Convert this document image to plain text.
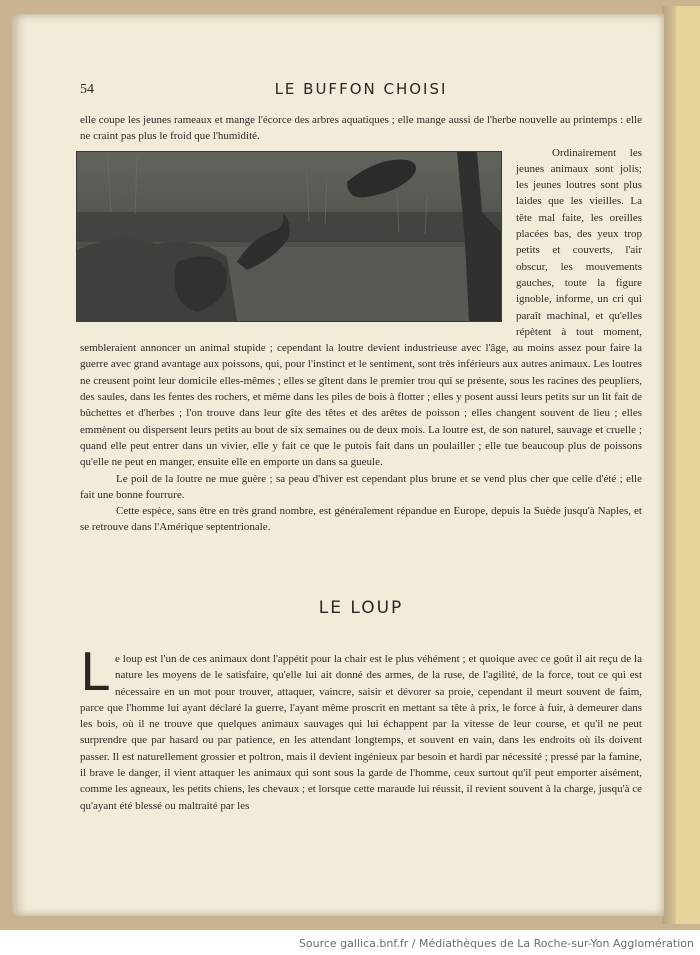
54	LE BUFFON CHOISI

elle coupe les jeunes rameaux et mange l'écorce des arbres aquatiques ; elle mange aussi de l'herbe nouvelle au printemps : elle ne craint pas plus le froid que l'humidité.

Ordinairement les jeunes animaux sont jolis; les jeunes loutres sont plus laides que les vieilles. La tête mal faite, les oreilles placées bas, des yeux trop petits et couverts, l'air obscur, les mouvements gauches, toute la figure ignoble, informe, un cri qui paraît machinal, et qu'elles répètent à tout moment, sembleraient annoncer un animal stupide ; cependant la loutre devient industrieuse avec l'âge, au moins assez pour faire la guerre avec grand avantage aux poissons, qui, pour l'instinct et le sentiment, sont très inférieurs aux autres animaux. Les loutres ne creusent point leur domicile elles-mêmes ; elles se gîtent dans le premier trou qui se présente, sous les racines des peupliers, des saules, dans les fentes des rochers, et même dans les piles de bois à flotter ; elles y posent aussi leurs petits sur un lit fait de bûchettes et d'herbes ; l'on trouve dans leur gîte des têtes et des arêtes de poisson ; elles changent souvent de lieu ; elles emmènent ou dispersent leurs petits au bout de six semaines ou de deux mois. La loutre est, de son naturel, sauvage et cruelle ; quand elle peut entrer dans un vivier, elle y fait ce que le putois fait dans un poulailler ; elle tue beaucoup plus de poissons qu'elle ne peut en manger, ensuite elle en emporte un dans sa gueule.

Le poil de la loutre ne mue guère ; sa peau d'hiver est cependant plus brune et se vend plus cher que celle d'été ; elle fait une bonne fourrure.

Cette espèce, sans être en très grand nombre, est généralement répandue en Europe, depuis la Suède jusqu'à Naples, et se retrouve dans l'Amérique septentrionale.

LE LOUP

Le loup est l'un de ces animaux dont l'appétit pour la chair est le plus véhément ; et quoique avec ce goût il ait reçu de la nature les moyens de le satisfaire, qu'elle lui ait donné des armes, de la ruse, de l'agilité, de la force, tout ce qui est nécessaire en un mot pour trouver, attaquer, vaincre, saisir et dévorer sa proie, cependant il meurt souvent de faim, parce que l'homme lui ayant déclaré la guerre, l'ayant même proscrit en mettant sa tête à prix, le force à fuir, à demeurer dans les bois, où il ne trouve que quelques animaux sauvages qui lui échappent par la vitesse de leur course, et qu'il ne peut surprendre que par hasard ou par patience, en les attendant longtemps, et souvent en vain, dans les endroits où ils doivent passer. Il est naturellement grossier et poltron, mais il devient ingénieux par besoin et hardi par nécessité ; pressé par la famine, il brave le danger, il vient attaquer les animaux qui sont sous la garde de l'homme, ceux surtout qu'il peut emporter aisément, comme les agneaux, les petits chiens, les chevaux ; et lorsque cette maraude lui réussit, il revient souvent à la charge, jusqu'à ce qu'ayant été blessé ou maltraité par les

Source gallica.bnf.fr / Médiathèques de La Roche-sur-Yon Agglomération
